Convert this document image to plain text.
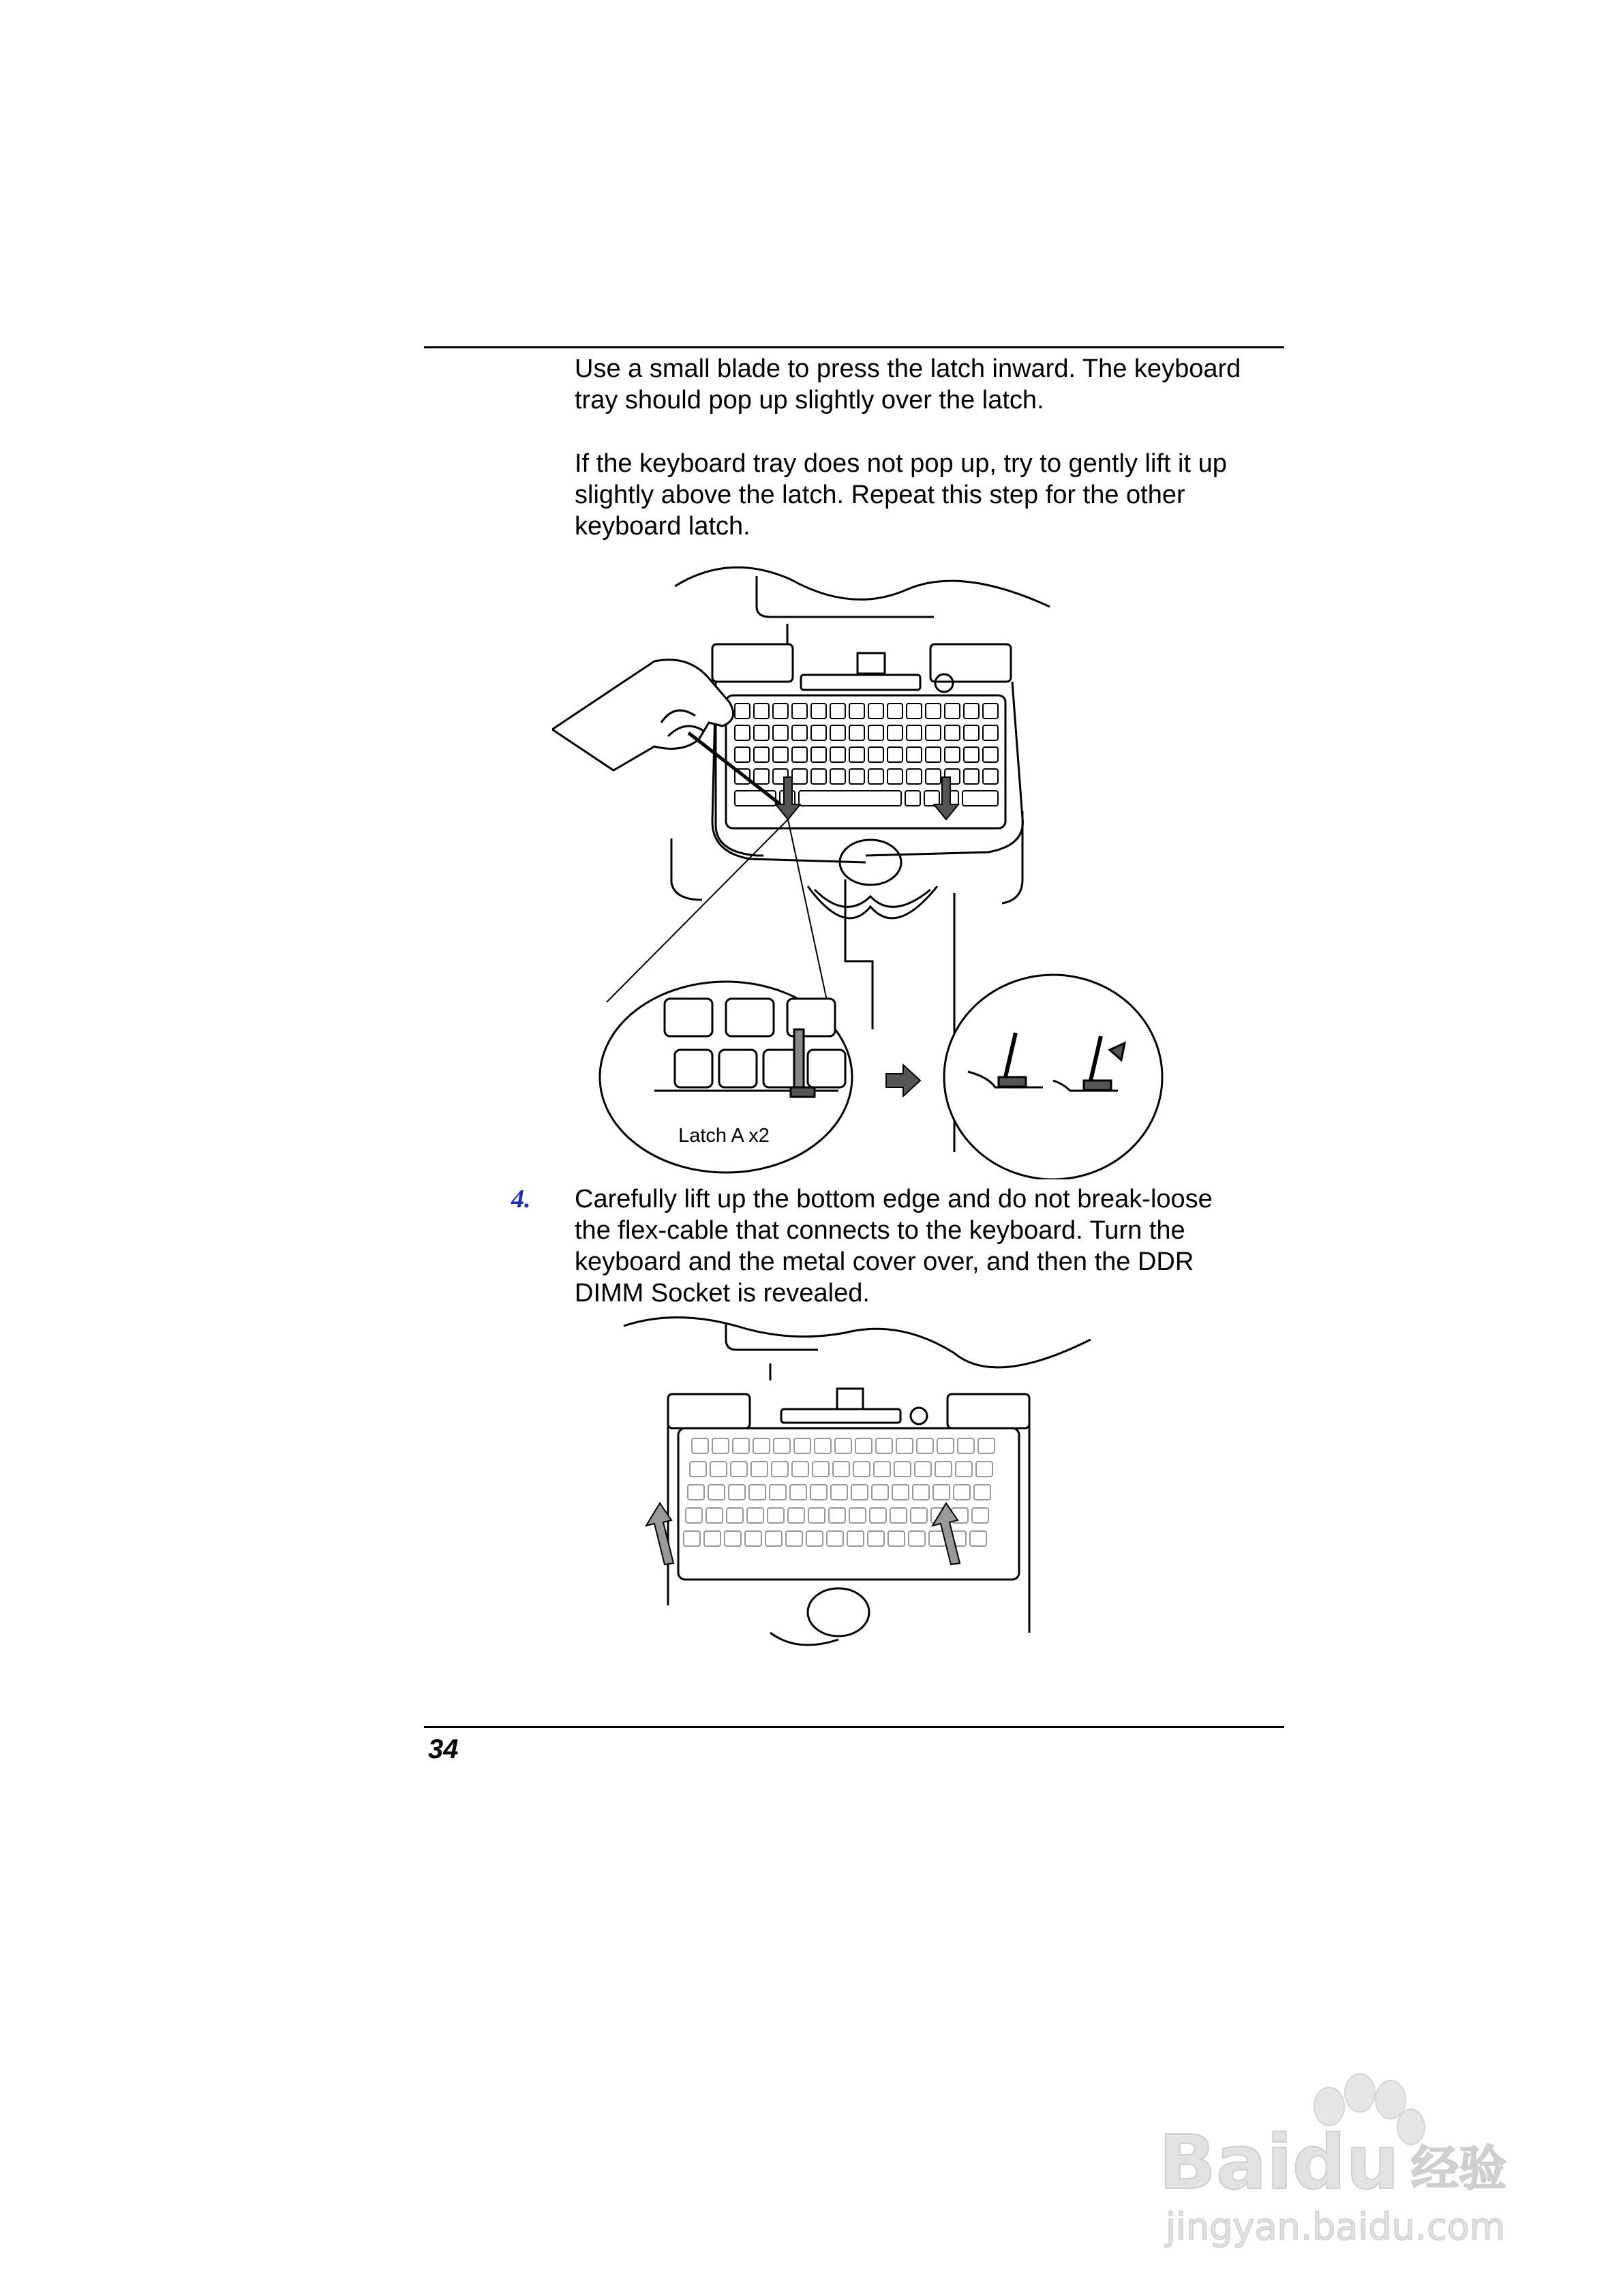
Use a small blade to press the latch inward. The keyboard
tray should pop up slightly over the latch.

If the keyboard tray does not pop up, try to gently lift it up
slightly above the latch. Repeat this step for the other
keyboard latch.

Latch A x2
4. Carefully lift up the bottom edge and do not break-loose
the flex-cable that connects to the keyboard. Turn the
keyboard and the metal cover over, and then the DDR
DIMM Socket is revealed.

34
Baidu 经验
jingyan.baidu.com
